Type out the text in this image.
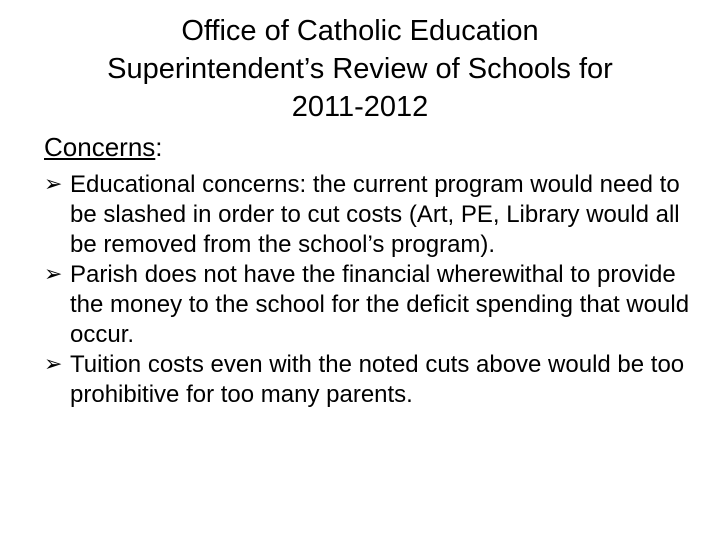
Office of Catholic Education
Superintendent’s Review of Schools for
2011-2012
Concerns:
➢ Educational concerns: the current program would need to be slashed in order to cut costs (Art, PE, Library would all be removed from the school’s program).
➢ Parish does not have the financial wherewithal to provide the money to the school for the deficit spending that would occur.
➢ Tuition costs even with the noted cuts above would be too prohibitive for too many parents.
